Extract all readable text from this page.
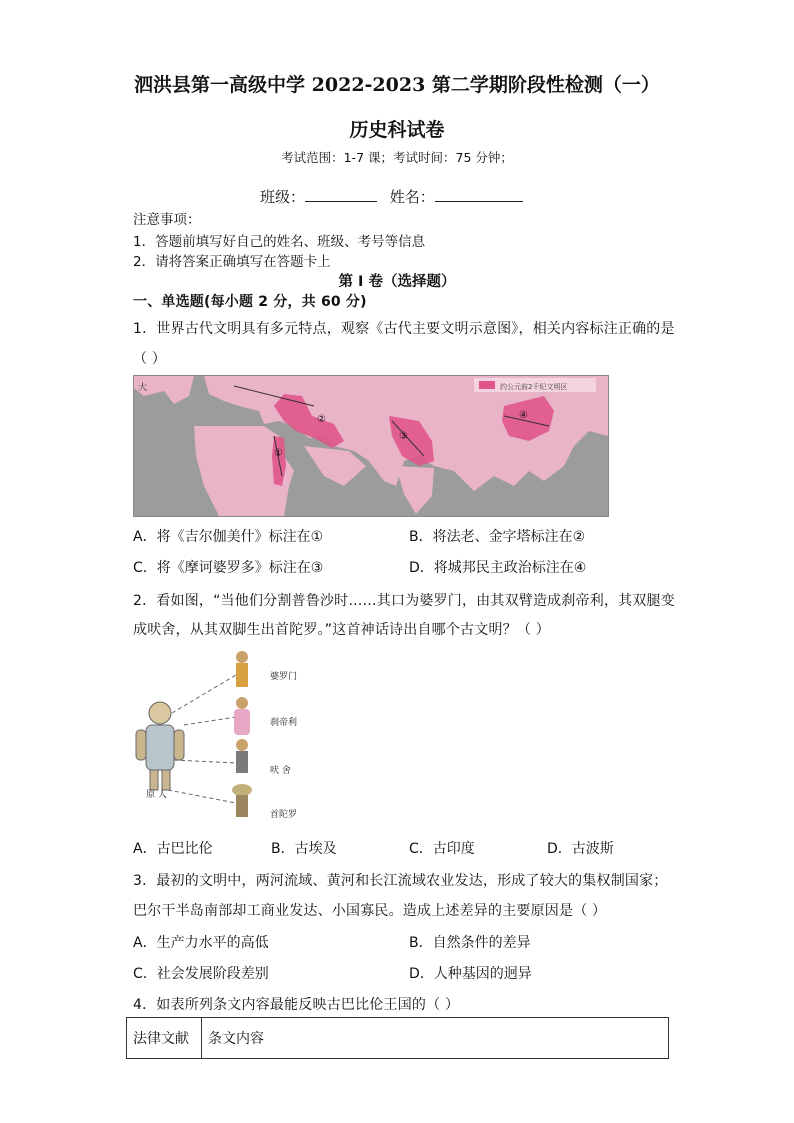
泗洪县第一高级中学 2022-2023 第二学期阶段性检测（一）
历史科试卷
考试范围：1-7 课；考试时间：75 分钟；
班级：	姓名：
注意事项：
1．答题前填写好自己的姓名、班级、考号等信息
2．请将答案正确填写在答题卡上
第 I 卷（选择题）
一、单选题(每小题 2 分，共 60 分)
1．世界古代文明具有多元特点，观察《古代主要文明示意图》，相关内容标注正确的是
（ ）
约公元前2千纪文明区
大
①
②
③
④
A．将《吉尔伽美什》标注在①	B．将法老、金字塔标注在②
C．将《摩诃婆罗多》标注在③	D．将城邦民主政治标注在④
2．看如图，“当他们分割普鲁沙时……其口为婆罗门，由其双臂造成刹帝利，其双腿变
成吠舍，从其双脚生出首陀罗。”这首神话诗出自哪个古文明？（ ）
原 人
婆罗门
刹帝利
吠 舍
首陀罗
A．古巴比伦	B．古埃及	C．古印度	D．古波斯
3．最初的文明中，两河流域、黄河和长江流域农业发达，形成了较大的集权制国家；
巴尔干半岛南部却工商业发达、小国寡民。造成上述差异的主要原因是（ ）
A．生产力水平的高低	B．自然条件的差异
C．社会发展阶段差别	D．人种基因的迥异
4．如表所列条文内容最能反映古巴比伦王国的（ ）
法律文献	条文内容
